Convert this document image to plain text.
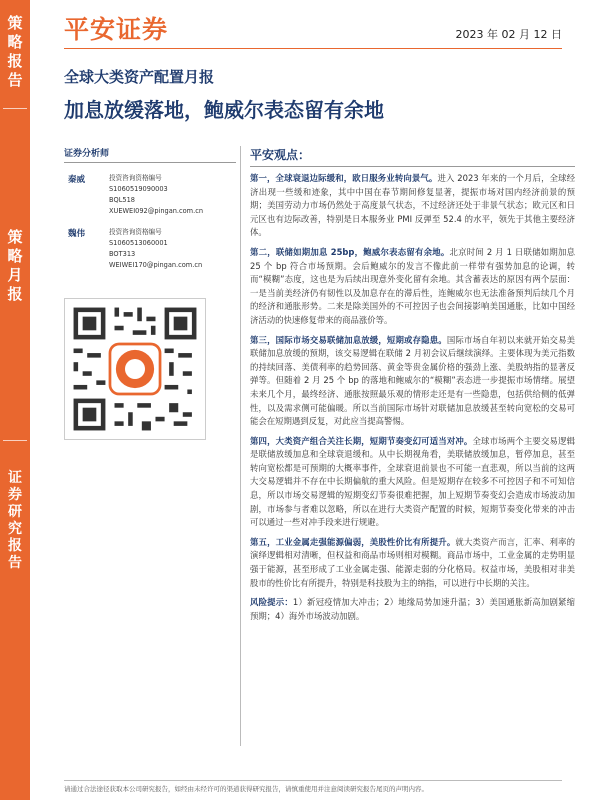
策
略
报
告
策
略
月
报
证
券
研
究
报
告
平安证券	2023 年 02 月 12 日
全球大类资产配置月报
加息放缓落地，鲍威尔表态留有余地
证券分析师
秦威	投资咨询资格编号
S1060519090003
BQL518
XUEWEI092@pingan.com.cn
魏伟	投资咨询资格编号
S1060513060001
BOT313
WEIWEI170@pingan.com.cn
平安观点：

第一，全球衰退边际缓和，欧日服务业转向景气。进入 2023 年来的一个月后，全球经济出现一些缓和迹象，其中中国在春节期间修复显著，提振市场对国内经济前景的预期；美国劳动力市场仍然处于高度景气状态，不过经济还处于非景气状态；欧元区和日元区也有边际改善，特别是日本服务业 PMI 反弹至 52.4 的水平，领先于其他主要经济体。

第二，联储如期加息 25bp，鲍威尔表态留有余地。北京时间 2 月 1 日联储如期加息 25 个 bp 符合市场预期。会后鲍威尔的发言不像此前一样带有强势加息的论调，转而“模糊”态度，这也是为后续出现意外变化留有余地。其含蓄表达的原因有两个层面：一是当前美经济仍有韧性以及加息存在的滞后性，连鲍威尔也无法准备预判后续几个月的经济和通胀形势。二来是除美国外的不可控因子也会间接影响美国通胀，比如中国经济活动的快速修复带来的商品涨价等。

第三，国际市场交易联储加息放缓，短期或存隐患。国际市场自年初以来就开始交易美联储加息放缓的预期，该交易逻辑在联储 2 月初会议后继续演绎。主要体现为美元指数的持续回落、美债利率的趋势回落、黄金等贵金属价格的强劲上涨、美股纳指的显著反弹等。但随着 2 月 25 个 bp 的落地和鲍威尔的“模糊”表态进一步提振市场情绪。展望未来几个月，最终经济、通胀按照最乐观的情形走还是有一些隐患，包括供给侧的低弹性，以及需求侧可能偏暖。所以当前国际市场针对联储加息放缓甚至转向宽松的交易可能会在短期遇到反复，对此应当提高警惕。

第四，大类资产组合关注长期，短期节奏变幻可适当对冲。全球市场两个主要交易逻辑是联储放缓加息和全球衰退缓和。从中长期视角看，美联储放缓加息，暂停加息，甚至转向宽松都是可预期的大概率事件，全球衰退前景也不可能一直悲观，所以当前的这两大交易逻辑并不存在中长期偏航的重大风险。但是短期存在较多不可控因子和不可知信息，所以市场交易逻辑的短期变幻节奏很难把握，加上短期节奏变幻会造成市场波动加剧，市场参与者难以忽略，所以在进行大类资产配置的时候，短期节奏变化带来的冲击可以通过一些对冲手段来进行规避。

第五，工业金属走强能源偏弱，美股性价比有所提升。就大类资产而言，汇率、利率的演绎逻辑相对清晰，但权益和商品市场则相对模糊。商品市场中，工业金属的走势明显强于能源，甚至形成了工业金属走强、能源走弱的分化格局。权益市场，美股相对非美股市的性价比有所提升，特别是科技股为主的纳指，可以进行中长期的关注。

风险提示：1）新冠疫情加大冲击；2）地缘局势加速升温；3）美国通胀新高加剧紧缩预期；4）海外市场波动加剧。

请通过合法途径获取本公司研究报告，如经由未经许可的渠道获得研究报告，请慎重使用并注意阅读研究报告尾页的声明内容。
